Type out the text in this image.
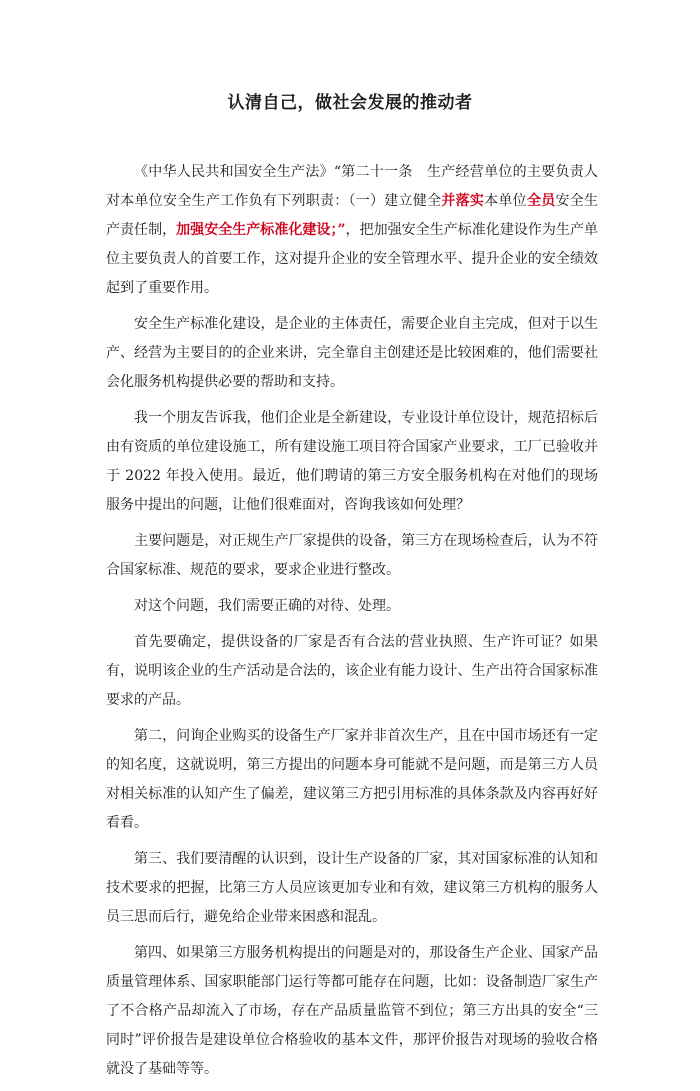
认清自己，做社会发展的推动者

《中华人民共和国安全生产法》“第二十一条　生产经营单位的主要负责人对本单位安全生产工作负有下列职责：（一）建立健全并落实本单位全员安全生产责任制，加强安全生产标准化建设；”，把加强安全生产标准化建设作为生产单位主要负责人的首要工作，这对提升企业的安全管理水平、提升企业的安全绩效起到了重要作用。

安全生产标准化建设，是企业的主体责任，需要企业自主完成，但对于以生产、经营为主要目的的企业来讲，完全靠自主创建还是比较困难的，他们需要社会化服务机构提供必要的帮助和支持。

我一个朋友告诉我，他们企业是全新建设，专业设计单位设计，规范招标后由有资质的单位建设施工，所有建设施工项目符合国家产业要求，工厂已验收并于 2022 年投入使用。最近，他们聘请的第三方安全服务机构在对他们的现场服务中提出的问题，让他们很难面对，咨询我该如何处理？

主要问题是，对正规生产厂家提供的设备，第三方在现场检查后，认为不符合国家标准、规范的要求，要求企业进行整改。

对这个问题，我们需要正确的对待、处理。

首先要确定，提供设备的厂家是否有合法的营业执照、生产许可证？如果有，说明该企业的生产活动是合法的，该企业有能力设计、生产出符合国家标准要求的产品。

第二，问询企业购买的设备生产厂家并非首次生产，且在中国市场还有一定的知名度，这就说明，第三方提出的问题本身可能就不是问题，而是第三方人员对相关标准的认知产生了偏差，建议第三方把引用标准的具体条款及内容再好好看看。

第三、我们要清醒的认识到，设计生产设备的厂家，其对国家标准的认知和技术要求的把握，比第三方人员应该更加专业和有效，建议第三方机构的服务人员三思而后行，避免给企业带来困惑和混乱。

第四、如果第三方服务机构提出的问题是对的，那设备生产企业、国家产品质量管理体系、国家职能部门运行等都可能存在问题，比如：设备制造厂家生产了不合格产品却流入了市场，存在产品质量监管不到位；第三方出具的安全“三同时”评价报告是建设单位合格验收的基本文件，那评价报告对现场的验收合格就没了基础等等。
